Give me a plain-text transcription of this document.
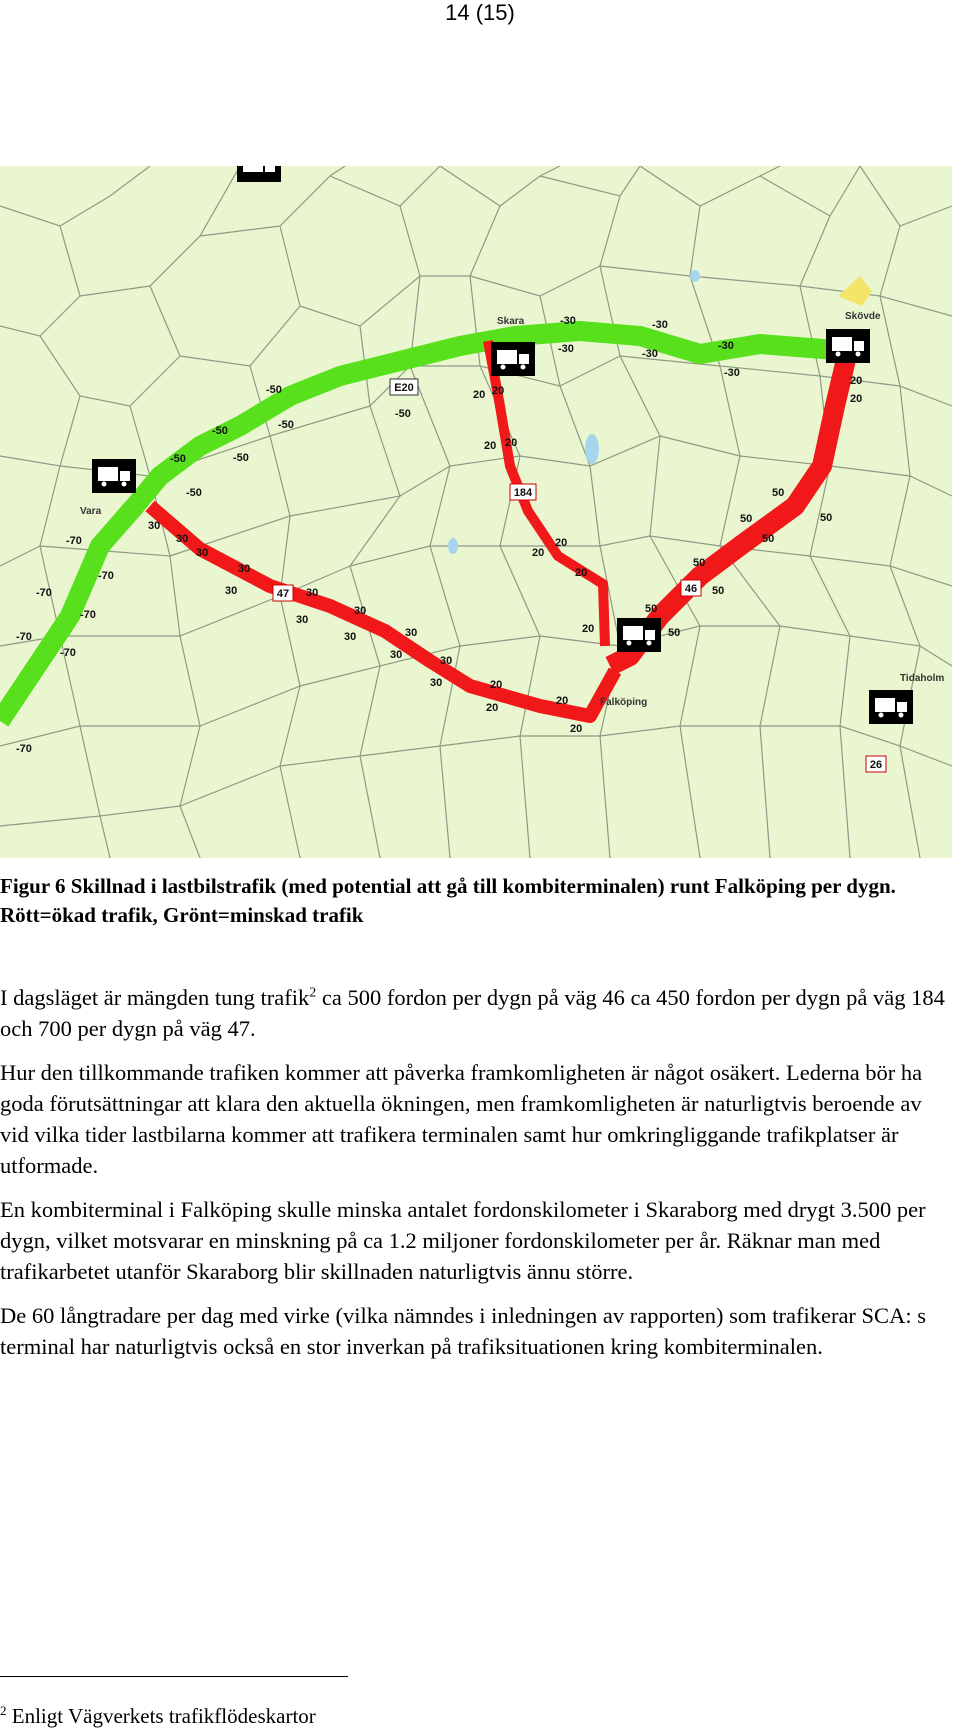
14 (15)
E20
184
47	46
26
Skara	Skövde
Vara
Falköping
Tidaholm
-30
-30
-30
-30
-30
-30
-50
-50
-50
-50
-50
-50
-50
-70
-70
-70
-70
-70
-70
-70
20 20
20 20
20
20
20
20
20
20
20
20
20
20
30
30
30
30
30	30
30
30
30	30
30	30
30
50
50
50
50
50
50
50
50
Figur 6 Skillnad i lastbilstrafik (med potential att gå till kombiterminalen) runt Falköping per dygn. Rött=ökad trafik, Grönt=minskad trafik

I dagsläget är mängden tung trafik$^2$ ca 500 fordon per dygn på väg 46 ca 450 fordon per dygn på väg 184 och 700 per dygn på väg 47.

Hur den tillkommande trafiken kommer att påverka framkomligheten är något osäkert. Lederna bör ha goda förutsättningar att klara den aktuella ökningen, men framkomligheten är naturligtvis beroende av vid vilka tider lastbilarna kommer att trafikera terminalen samt hur omkringliggande trafikplatser är utformade.

En kombiterminal i Falköping skulle minska antalet fordonskilometer i Skaraborg med drygt 3.500 per dygn, vilket motsvarar en minskning på ca 1.2 miljoner fordonskilometer per år. Räknar man med trafikarbetet utanför Skaraborg blir skillnaden naturligtvis ännu större.

De 60 långtradare per dag med virke (vilka nämndes i inledningen av rapporten) som trafikerar SCA: s terminal har naturligtvis också en stor inverkan på trafiksituationen kring kombiterminalen.

$^2$ Enligt Vägverkets trafikflödeskartor
